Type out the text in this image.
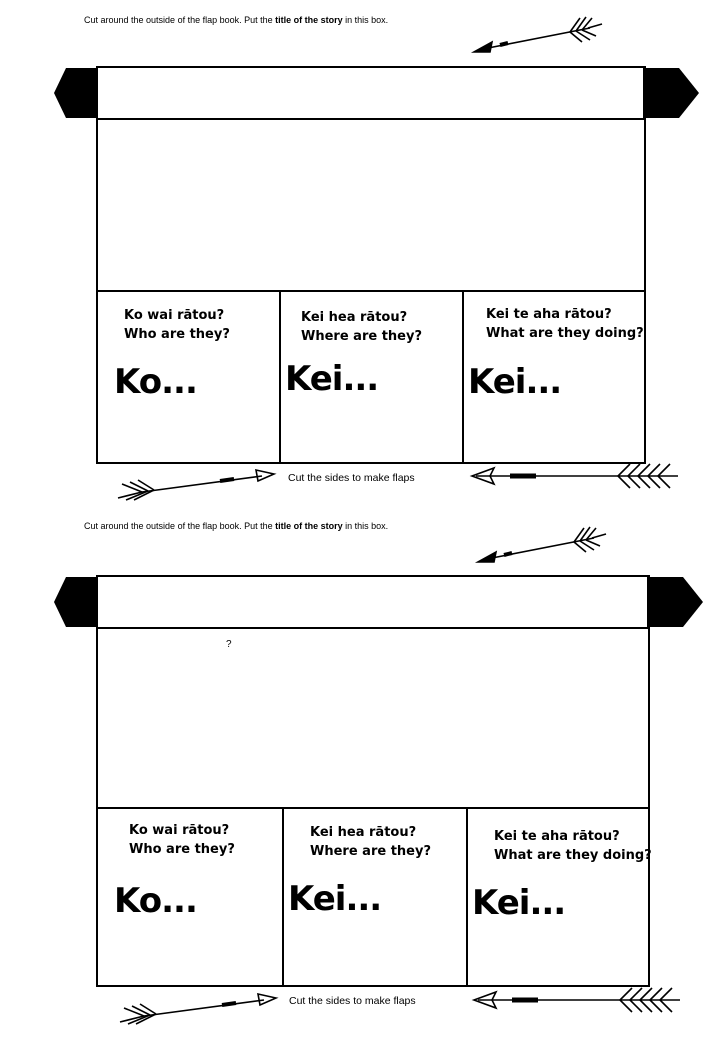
Cut around the outside of the flap book. Put the title of the story in this box.
Ko wai rātou?
Who are they?
Ko...
Kei hea rātou?
Where are they?
Kei...
Kei te aha rātou?
What are they doing?
Kei...
Cut the sides to make flaps
Cut around the outside of the flap book. Put the title of the story in this box.
?
Ko wai rātou?
Who are they?
Ko...
Kei hea rātou?
Where are they?
Kei...
Kei te aha rātou?
What are they doing?
Kei...
Cut the sides to make flaps
